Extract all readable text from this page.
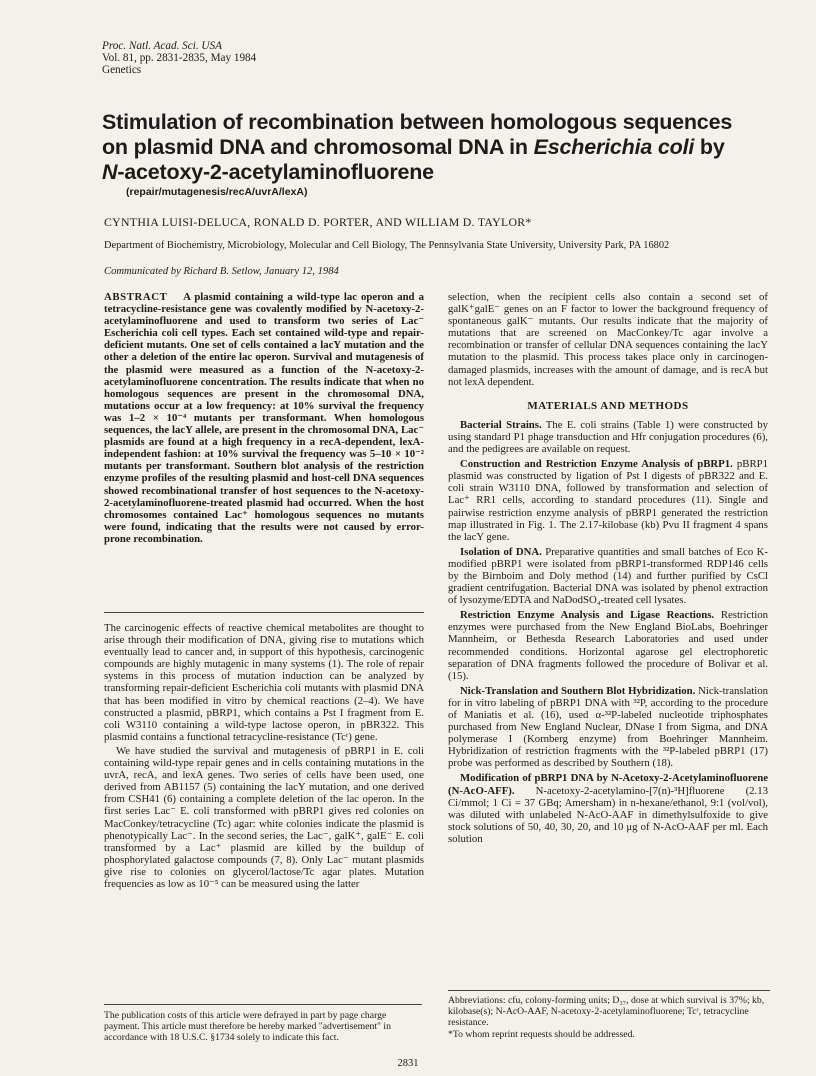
Proc. Natl. Acad. Sci. USA
Vol. 81, pp. 2831-2835, May 1984
Genetics
Stimulation of recombination between homologous sequences on plasmid DNA and chromosomal DNA in Escherichia coli by
N-acetoxy-2-acetylaminofluorene
(repair/mutagenesis/recA/uvrA/lexA)
CYNTHIA LUISI-DELUCA, RONALD D. PORTER, AND WILLIAM D. TAYLOR*
Department of Biochemistry, Microbiology, Molecular and Cell Biology, The Pennsylvania State University, University Park, PA 16802
Communicated by Richard B. Setlow, January 12, 1984

ABSTRACT A plasmid containing a wild-type lac operon and a tetracycline-resistance gene was covalently modified by N-acetoxy-2-acetylaminofluorene and used to transform two series of Lac⁻ Escherichia coli cell types. Each set contained wild-type and repair-deficient mutants. One set of cells contained a lacY mutation and the other a deletion of the entire lac operon. Survival and mutagenesis of the plasmid were measured as a function of the N-acetoxy-2-acetylaminofluorene concentration. The results indicate that when no homologous sequences are present in the chromosomal DNA, mutations occur at a low frequency: at 10% survival the frequency was 1–2 × 10⁻⁴ mutants per transformant. When homologous sequences, the lacY allele, are present in the chromosomal DNA, Lac⁻ plasmids are found at a high frequency in a recA-dependent, lexA-independent fashion: at 10% survival the frequency was 5–10 × 10⁻² mutants per transformant. Southern blot analysis of the restriction enzyme profiles of the resulting plasmid and host-cell DNA sequences showed recombinational transfer of host sequences to the N-acetoxy-2-acetylaminofluorene-treated plasmid had occurred. When the host chromosomes contained Lac⁺ homologous sequences no mutants were found, indicating that the results were not caused by error-prone recombination.

The carcinogenic effects of reactive chemical metabolites are thought to arise through their modification of DNA, giving rise to mutations which eventually lead to cancer and, in support of this hypothesis, carcinogenic compounds are highly mutagenic in many systems (1). The role of repair systems in this process of mutation induction can be analyzed by transforming repair-deficient Escherichia coli mutants with plasmid DNA that has been modified in vitro by chemical reactions (2–4). We have constructed a plasmid, pBRP1, which contains a Pst I fragment from E. coli W3110 containing a wild-type lactose operon, in pBR322. This plasmid contains a functional tetracycline-resistance (Tcʳ) gene.

We have studied the survival and mutagenesis of pBRP1 in E. coli containing wild-type repair genes and in cells containing mutations in the uvrA, recA, and lexA genes. Two series of cells have been used, one derived from AB1157 (5) containing the lacY mutation, and one derived from CSH41 (6) containing a complete deletion of the lac operon. In the first series Lac⁻ E. coli transformed with pBRP1 gives red colonies on MacConkey/tetracycline (Tc) agar: white colonies indicate the plasmid is phenotypically Lac⁻. In the second series, the Lac⁻, galK⁺, galE⁻ E. coli transformed by a Lac⁺ plasmid are killed by the buildup of phosphorylated galactose compounds (7, 8). Only Lac⁻ mutant plasmids give rise to colonies on glycerol/lactose/Tc agar plates. Mutation frequencies as low as 10⁻⁵ can be measured using the latter

selection, when the recipient cells also contain a second set of galK⁺galE⁻ genes on an F factor to lower the background frequency of spontaneous galK⁻ mutants. Our results indicate that the majority of mutations that are screened on MacConkey/Tc agar involve a recombination or transfer of cellular DNA sequences containing the lacY mutation to the plasmid. This process takes place only in carcinogen-damaged plasmids, increases with the amount of damage, and is recA but not lexA dependent.

MATERIALS AND METHODS

Bacterial Strains. The E. coli strains (Table 1) were constructed by using standard P1 phage transduction and Hfr conjugation procedures (6), and the pedigrees are available on request.

Construction and Restriction Enzyme Analysis of pBRP1. pBRP1 plasmid was constructed by ligation of Pst I digests of pBR322 and E. coli strain W3110 DNA, followed by transformation and selection of Lac⁺ RR1 cells, according to standard procedures (11). Single and pairwise restriction enzyme analysis of pBRP1 generated the restriction map illustrated in Fig. 1. The 2.17-kilobase (kb) Pvu II fragment 4 spans the lacY gene.

Isolation of DNA. Preparative quantities and small batches of Eco K-modified pBRP1 were isolated from pBRP1-transformed RDP146 cells by the Birnboim and Doly method (14) and further purified by CsCl gradient centrifugation. Bacterial DNA was isolated by phenol extraction of lysozyme/EDTA and NaDodSO₄-treated cell lysates.

Restriction Enzyme Analysis and Ligase Reactions. Restriction enzymes were purchased from the New England BioLabs, Boehringer Mannheim, or Bethesda Research Laboratories and used under recommended conditions. Horizontal agarose gel electrophoretic separation of DNA fragments followed the procedure of Bolivar et al. (15).

Nick-Translation and Southern Blot Hybridization. Nick-translation for in vitro labeling of pBRP1 DNA with ³²P, according to the procedure of Maniatis et al. (16), used α-³²P-labeled nucleotide triphosphates purchased from New England Nuclear, DNase I from Sigma, and DNA polymerase I (Kornberg enzyme) from Boehringer Mannheim. Hybridization of restriction fragments with the ³²P-labeled pBRP1 (17) probe was performed as described by Southern (18).

Modification of pBRP1 DNA by N-Acetoxy-2-Acetylaminofluorene (N-AcO-AFF). N-acetoxy-2-acetylamino-[7(n)-³H]fluorene (2.13 Ci/mmol; 1 Ci = 37 GBq; Amersham) in n-hexane/ethanol, 9:1 (vol/vol), was diluted with unlabeled N-AcO-AAF in dimethylsulfoxide to give stock solutions of 50, 40, 30, 20, and 10 μg of N-AcO-AAF per ml. Each solution

The publication costs of this article were defrayed in part by page charge payment. This article must therefore be hereby marked "advertisement" in accordance with 18 U.S.C. §1734 solely to indicate this fact.
Abbreviations: cfu, colony-forming units; D₃₇, dose at which survival is 37%; kb, kilobase(s); N-AcO-AAF, N-acetoxy-2-acetylaminofluorene; Tcʳ, tetracycline resistance.
*To whom reprint requests should be addressed.
2831
